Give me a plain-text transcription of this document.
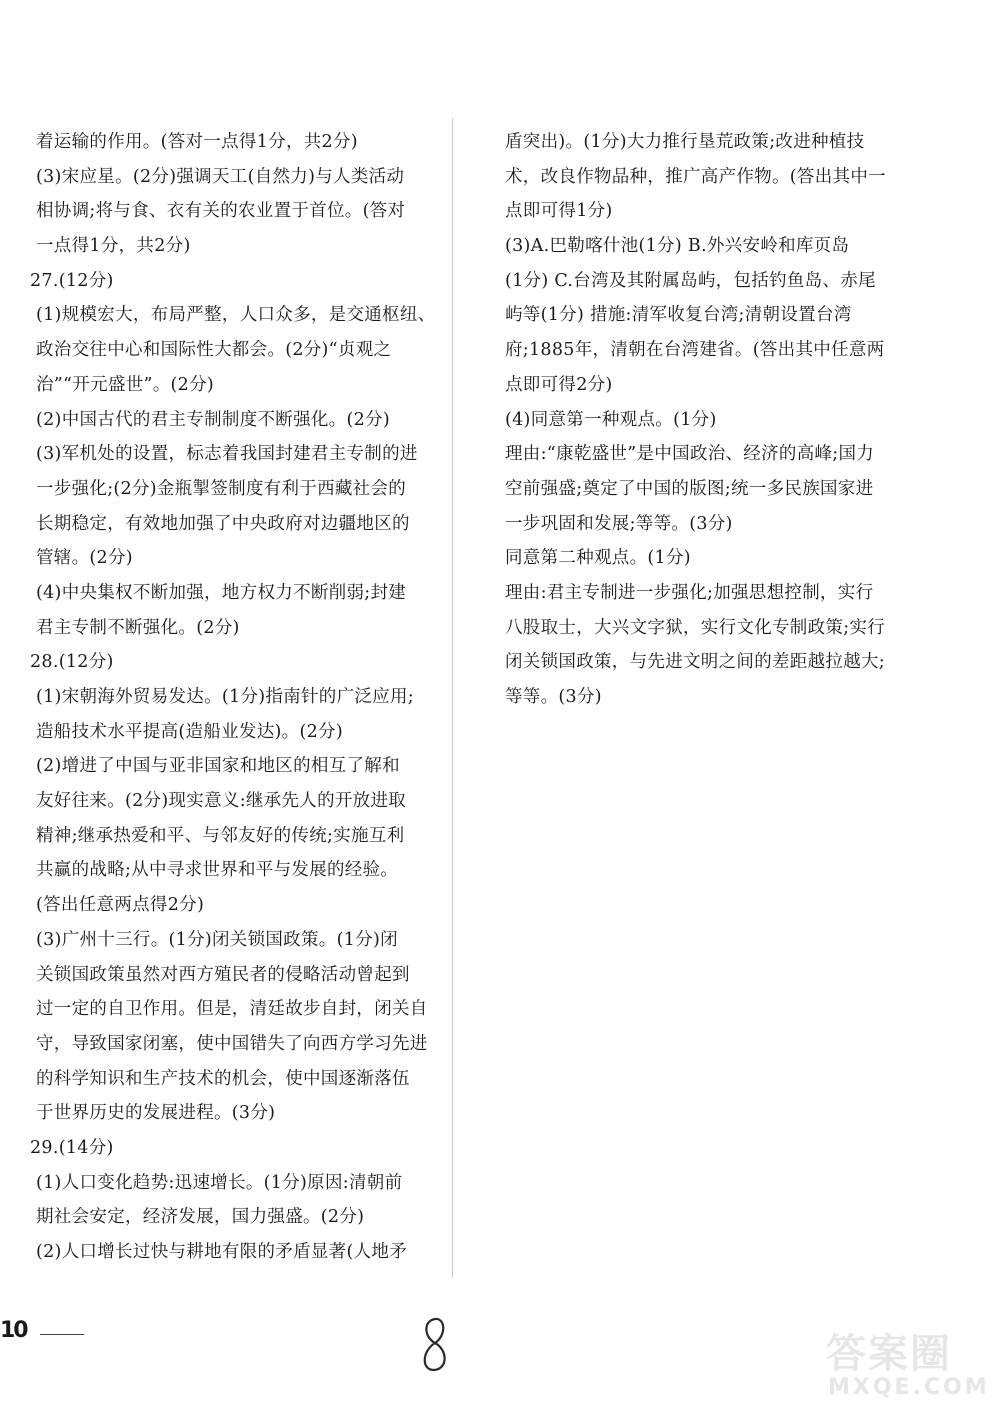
着运输的作用。(答对一点得1分，共2分)
(3)宋应星。(2分)强调天工(自然力)与人类活动
相协调;将与食、衣有关的农业置于首位。(答对
一点得1分，共2分)
27.(12分)
(1)规模宏大，布局严整，人口众多，是交通枢纽、
政治交往中心和国际性大都会。(2分)“贞观之
治”“开元盛世”。(2分)
(2)中国古代的君主专制制度不断强化。(2分)
(3)军机处的设置，标志着我国封建君主专制的进
一步强化;(2分)金瓶掣签制度有利于西藏社会的
长期稳定，有效地加强了中央政府对边疆地区的
管辖。(2分)
(4)中央集权不断加强，地方权力不断削弱;封建
君主专制不断强化。(2分)
28.(12分)
(1)宋朝海外贸易发达。(1分)指南针的广泛应用;
造船技术水平提高(造船业发达)。(2分)
(2)增进了中国与亚非国家和地区的相互了解和
友好往来。(2分)现实意义:继承先人的开放进取
精神;继承热爱和平、与邻友好的传统;实施互利
共赢的战略;从中寻求世界和平与发展的经验。
(答出任意两点得2分)
(3)广州十三行。(1分)闭关锁国政策。(1分)闭
关锁国政策虽然对西方殖民者的侵略活动曾起到
过一定的自卫作用。但是，清廷故步自封，闭关自
守，导致国家闭塞，使中国错失了向西方学习先进
的科学知识和生产技术的机会，使中国逐渐落伍
于世界历史的发展进程。(3分)
29.(14分)
(1)人口变化趋势:迅速增长。(1分)原因:清朝前
期社会安定，经济发展，国力强盛。(2分)
(2)人口增长过快与耕地有限的矛盾显著(人地矛
盾突出)。(1分)大力推行垦荒政策;改进种植技
术，改良作物品种，推广高产作物。(答出其中一
点即可得1分)
(3)A.巴勒喀什池(1分) B.外兴安岭和库页岛
(1分) C.台湾及其附属岛屿，包括钓鱼岛、赤尾
屿等(1分) 措施:清军收复台湾;清朝设置台湾
府;1885年，清朝在台湾建省。(答出其中任意两
点即可得2分)
(4)同意第一种观点。(1分)
理由:“康乾盛世”是中国政治、经济的高峰;国力
空前强盛;奠定了中国的版图;统一多民族国家进
一步巩固和发展;等等。(3分)
同意第二种观点。(1分)
理由:君主专制进一步强化;加强思想控制，实行
八股取士，大兴文字狱，实行文化专制政策;实行
闭关锁国政策，与先进文明之间的差距越拉越大;
等等。(3分)
10
答案圈
MXQE.COM
